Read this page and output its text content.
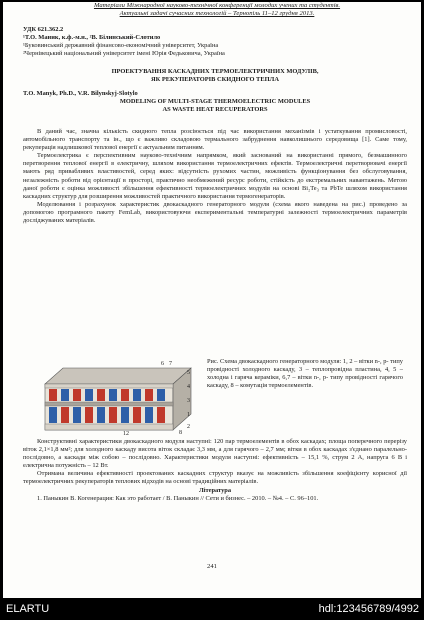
Матеріали Міжнародної науково-технічної конференції молодих учених та студентів.
Актуальні задачі сучасних технологій – Тернопіль 11–12 грудня 2013.
УДК 621.362.2
¹Т.О. Маник, к.ф.-м.н., ²В. Білинський-Слотило
¹Буковинський державний фінансово-економічний університет, Україна
²Чернівецький національний університет імені Юрія Федьковича, Україна
ПРОЕКТУВАННЯ КАСКАДНИХ ТЕРМОЕЛЕКТРИЧНИХ МОДУЛІВ,
ЯК РЕКУПЕРАТОРІВ СКИДНОГО ТЕПЛА
T.O. Manyk, Ph.D., V.R. Bilynskyj-Slotylo
MODELING OF MULTI-STAGE THERMOELECTRIC MODULES
AS WASTE HEAT RECUPERATORS

В даний час, значна кількість скидного тепла розсіюється під час використання механізмів і устаткування промисловості, автомобільного транспорту та ін., що є важливо складовою термального забруднення навколишнього середовища [1]. Саме тому, рекуперація надлишкової теплової енергії є актуальним питанням.

Термоелектрика є перспективним науково-технічним напрямком, який заснований на використанні прямого, безмашинного перетворення теплової енергії в електричну, шляхом використання термоелектричних ефектів. Термоелектричні перетворювачі енергії мають ряд привабливих властивостей, серед яких: відсутність рухомих частин, можливість функціонування без обслуговування, незалежність роботи від орієнтації в просторі, практично необмежений ресурс роботи, стійкість до екстремальних навантажень. Метою даної роботи є оцінка можливості збільшення ефективності термоелектричних модулів на основі Bi₂Te₃ та PbTe шляхом використання каскадних структур для розширення можливостей практичного використання термогенераторів.

Моделювання і розрахунок характеристик двокаскадного генераторного модуля (схема якого наведена на рис.) проведено за допомогою програмного пакету FemLab, використовуючи експериментальні температурні залежності термоелектричних параметрів досліджуваних матеріалів.

6 7
5
4
3
1
2
8
12
Рис. Схема двокаскадного генераторного модуля: 1, 2 – вітки n-, p- типу провідності холодного каскаду, 3 – теплопровідна пластина, 4, 5 – холодна і гаряча кераміки, 6,7 – вітки n-, p- типу провідності гарячого каскаду, 8 – комутація термоелементів.

Конструктивні характеристики двокаскадного модуля наступні: 120 пар термоелементів в обох каскадах; площа поперечного перерізу віток 2,1×1,8 мм²; для холодного каскаду висота віток складає 3,3 мм, а для гарячого – 2,7 мм; вітки в обох каскадах з'єднано паралельно-послідовно, а каскади між собою – послідовно. Характеристики модуля наступні: ефективність – 15,1 %, струм 2 А, напруга 6 В і електрична потужність – 12 Вт.

Отримана величина ефективності проектованих каскадних структур вказує на можливість збільшення коефіцієнту корисної дії термоелектричних рекуператорів теплових відходів на основі традиційних матеріалів.

Література

1. Паныкин В. Когенерация: Как это работает / В. Паныкин // Сети и бизнес. – 2010. – №4. – С. 96–101.

241
ELARTU	hdl:123456789/4992
